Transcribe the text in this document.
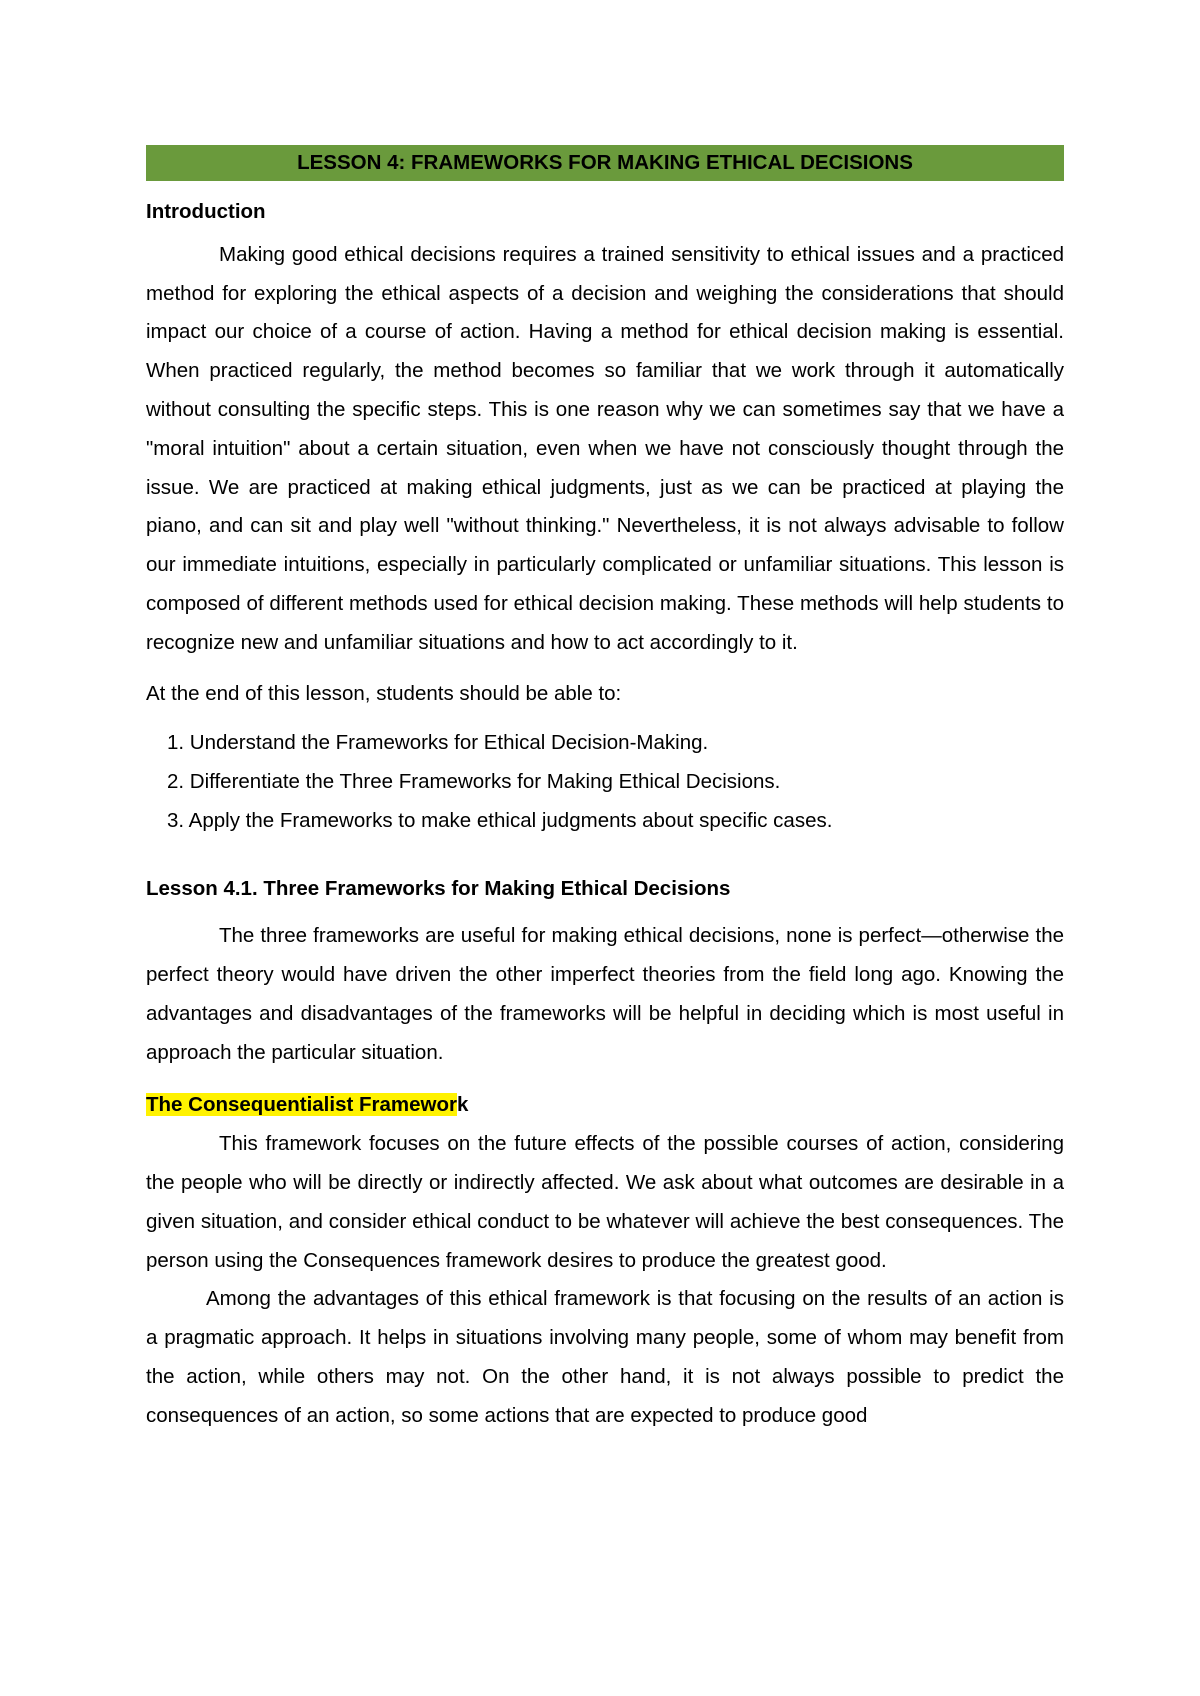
LESSON 4: FRAMEWORKS FOR MAKING ETHICAL DECISIONS
Introduction

Making good ethical decisions requires a trained sensitivity to ethical issues and a practiced method for exploring the ethical aspects of a decision and weighing the considerations that should impact our choice of a course of action. Having a method for ethical decision making is essential. When practiced regularly, the method becomes so familiar that we work through it automatically without consulting the specific steps. This is one reason why we can sometimes say that we have a "moral intuition" about a certain situation, even when we have not consciously thought through the issue. We are practiced at making ethical judgments, just as we can be practiced at playing the piano, and can sit and play well "without thinking." Nevertheless, it is not always advisable to follow our immediate intuitions, especially in particularly complicated or unfamiliar situations. This lesson is composed of different methods used for ethical decision making. These methods will help students to recognize new and unfamiliar situations and how to act accordingly to it.

At the end of this lesson, students should be able to:

1. Understand the Frameworks for Ethical Decision-Making.
2. Differentiate the Three Frameworks for Making Ethical Decisions.
3. Apply the Frameworks to make ethical judgments about specific cases.
Lesson 4.1. Three Frameworks for Making Ethical Decisions

The three frameworks are useful for making ethical decisions, none is perfect—otherwise the perfect theory would have driven the other imperfect theories from the field long ago. Knowing the advantages and disadvantages of the frameworks will be helpful in deciding which is most useful in approach the particular situation.

The Consequentialist Framework

This framework focuses on the future effects of the possible courses of action, considering the people who will be directly or indirectly affected. We ask about what outcomes are desirable in a given situation, and consider ethical conduct to be whatever will achieve the best consequences. The person using the Consequences framework desires to produce the greatest good.

Among the advantages of this ethical framework is that focusing on the results of an action is a pragmatic approach. It helps in situations involving many people, some of whom may benefit from the action, while others may not. On the other hand, it is not always possible to predict the consequences of an action, so some actions that are expected to produce good
